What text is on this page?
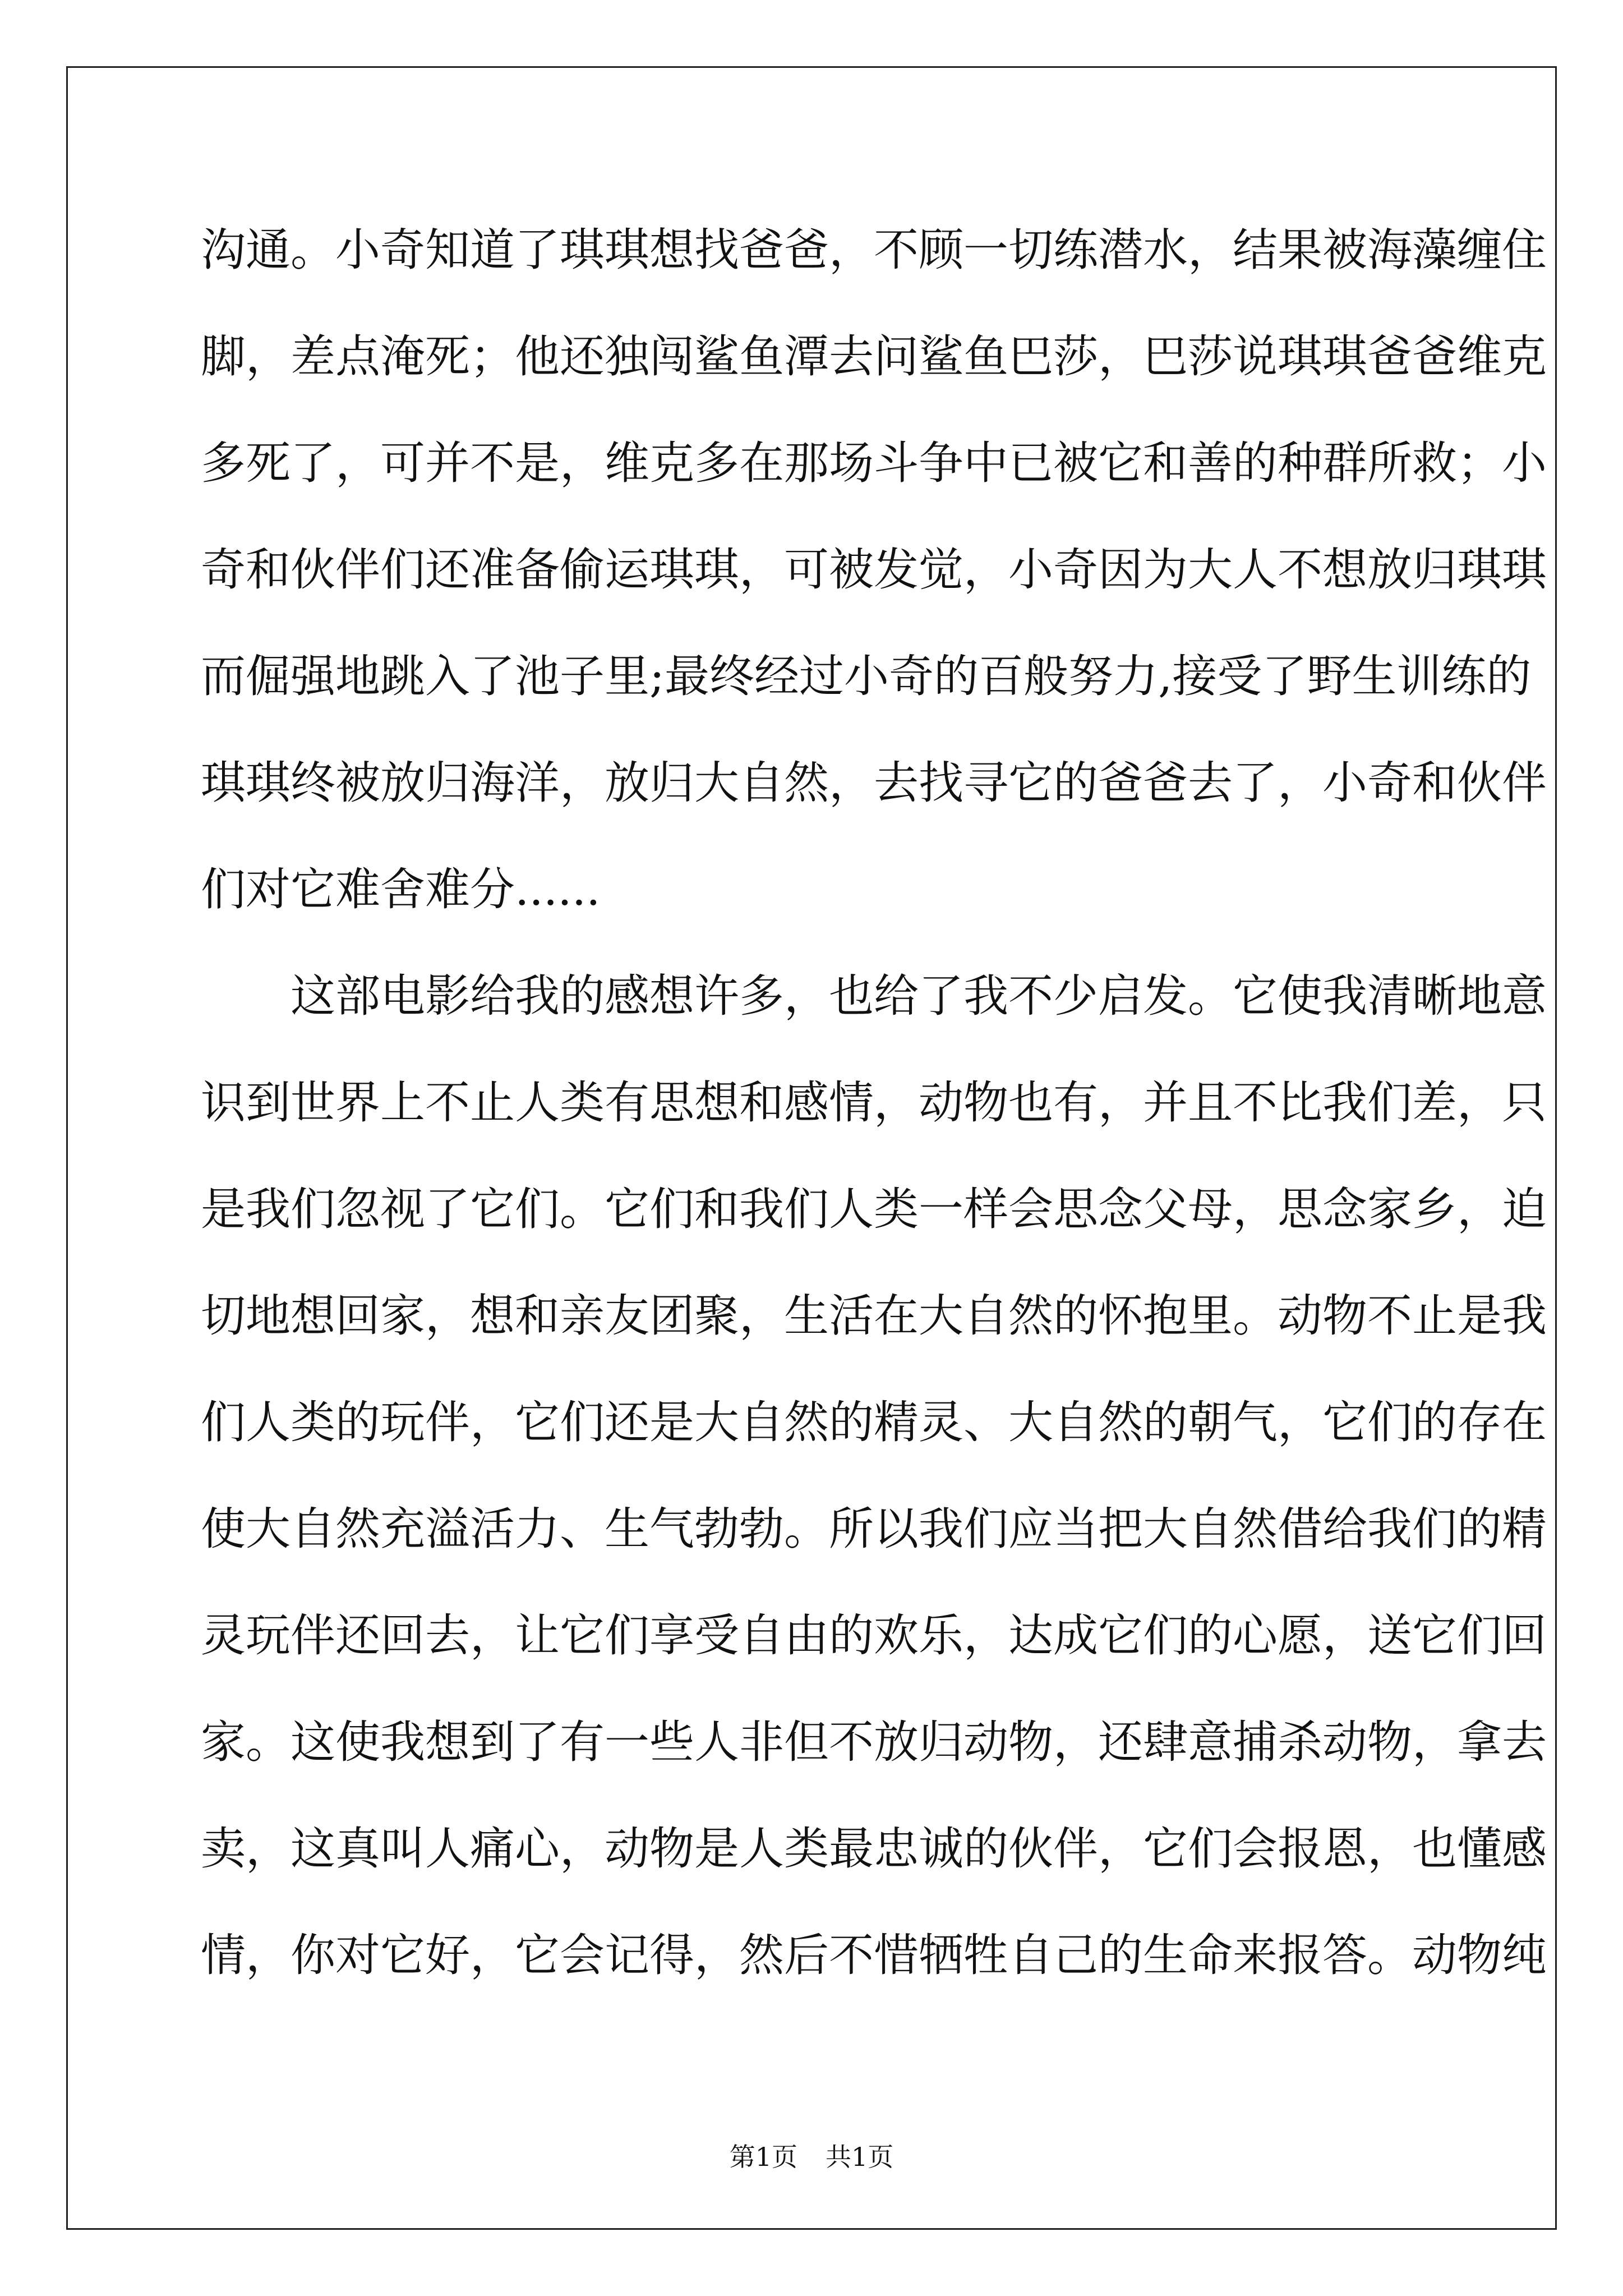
沟通。小奇知道了琪琪想找爸爸，不顾一切练潜水，结果被海藻缠住
脚，差点淹死；他还独闯鲨鱼潭去问鲨鱼巴莎，巴莎说琪琪爸爸维克
多死了，可并不是，维克多在那场斗争中已被它和善的种群所救；小
奇和伙伴们还准备偷运琪琪，可被发觉，小奇因为大人不想放归琪琪
而倔强地跳入了池子里;最终经过小奇的百般努力,接受了野生训练的
琪琪终被放归海洋，放归大自然，去找寻它的爸爸去了，小奇和伙伴
们对它难舍难分......
这部电影给我的感想许多，也给了我不少启发。它使我清晰地意
识到世界上不止人类有思想和感情，动物也有，并且不比我们差，只
是我们忽视了它们。它们和我们人类一样会思念父母，思念家乡，迫
切地想回家，想和亲友团聚，生活在大自然的怀抱里。动物不止是我
们人类的玩伴，它们还是大自然的精灵、大自然的朝气，它们的存在
使大自然充溢活力、生气勃勃。所以我们应当把大自然借给我们的精
灵玩伴还回去，让它们享受自由的欢乐，达成它们的心愿，送它们回
家。这使我想到了有一些人非但不放归动物，还肆意捕杀动物，拿去
卖，这真叫人痛心，动物是人类最忠诚的伙伴，它们会报恩，也懂感
情，你对它好，它会记得，然后不惜牺牲自己的生命来报答。动物纯
第1页 共1页
